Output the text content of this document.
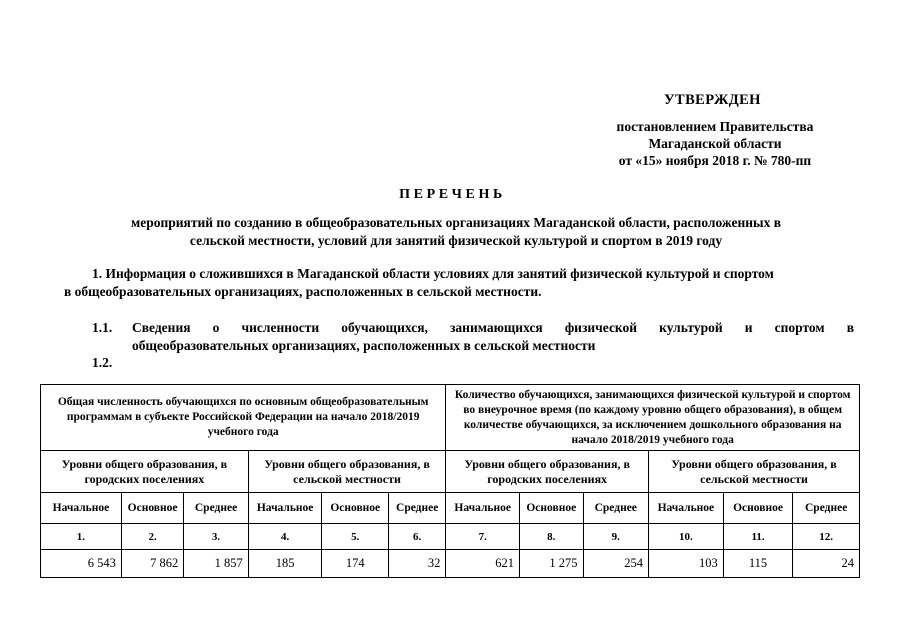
УТВЕРЖДЕН
постановлением Правительства
Магаданской области
от «15» ноября 2018 г. № 780-пп
ПЕРЕЧЕНЬ
мероприятий по созданию в общеобразовательных организациях Магаданской области, расположенных в
сельской местности, условий для занятий физической культурой и спортом в 2019 году
1. Информация о сложившихся в Магаданской области условиях для занятий физической культурой и спортом
в общеобразовательных организациях, расположенных в сельской местности.
1.1. Сведения о численности обучающихся, занимающихся физической культурой и спортом в
общеобразовательных организациях, расположенных в сельской местности
1.2.
Общая численность обучающихся по основным общеобразовательным программам в субъекте Российской Федерации на начало 2018/2019 учебного года						Количество обучающихся, занимающихся физической культурой и спортом во внеурочное время (по каждому уровню общего образования), в общем количестве обучающихся, за исключением дошкольного образования на начало 2018/2019 учебного года					
Уровни общего образования, в городских поселениях			Уровни общего образования, в сельской местности			Уровни общего образования, в городских поселениях			Уровни общего образования, в сельской местности		
Начальное	Основное	Среднее	Начальное	Основное	Среднее	Начальное	Основное	Среднее	Начальное	Основное	Среднее
1.	2.	3.	4.	5.	6.	7.	8.	9.	10.	11.	12.
6 543	7 862	1 857	185	174	32	621	1 275	254	103	115	24
